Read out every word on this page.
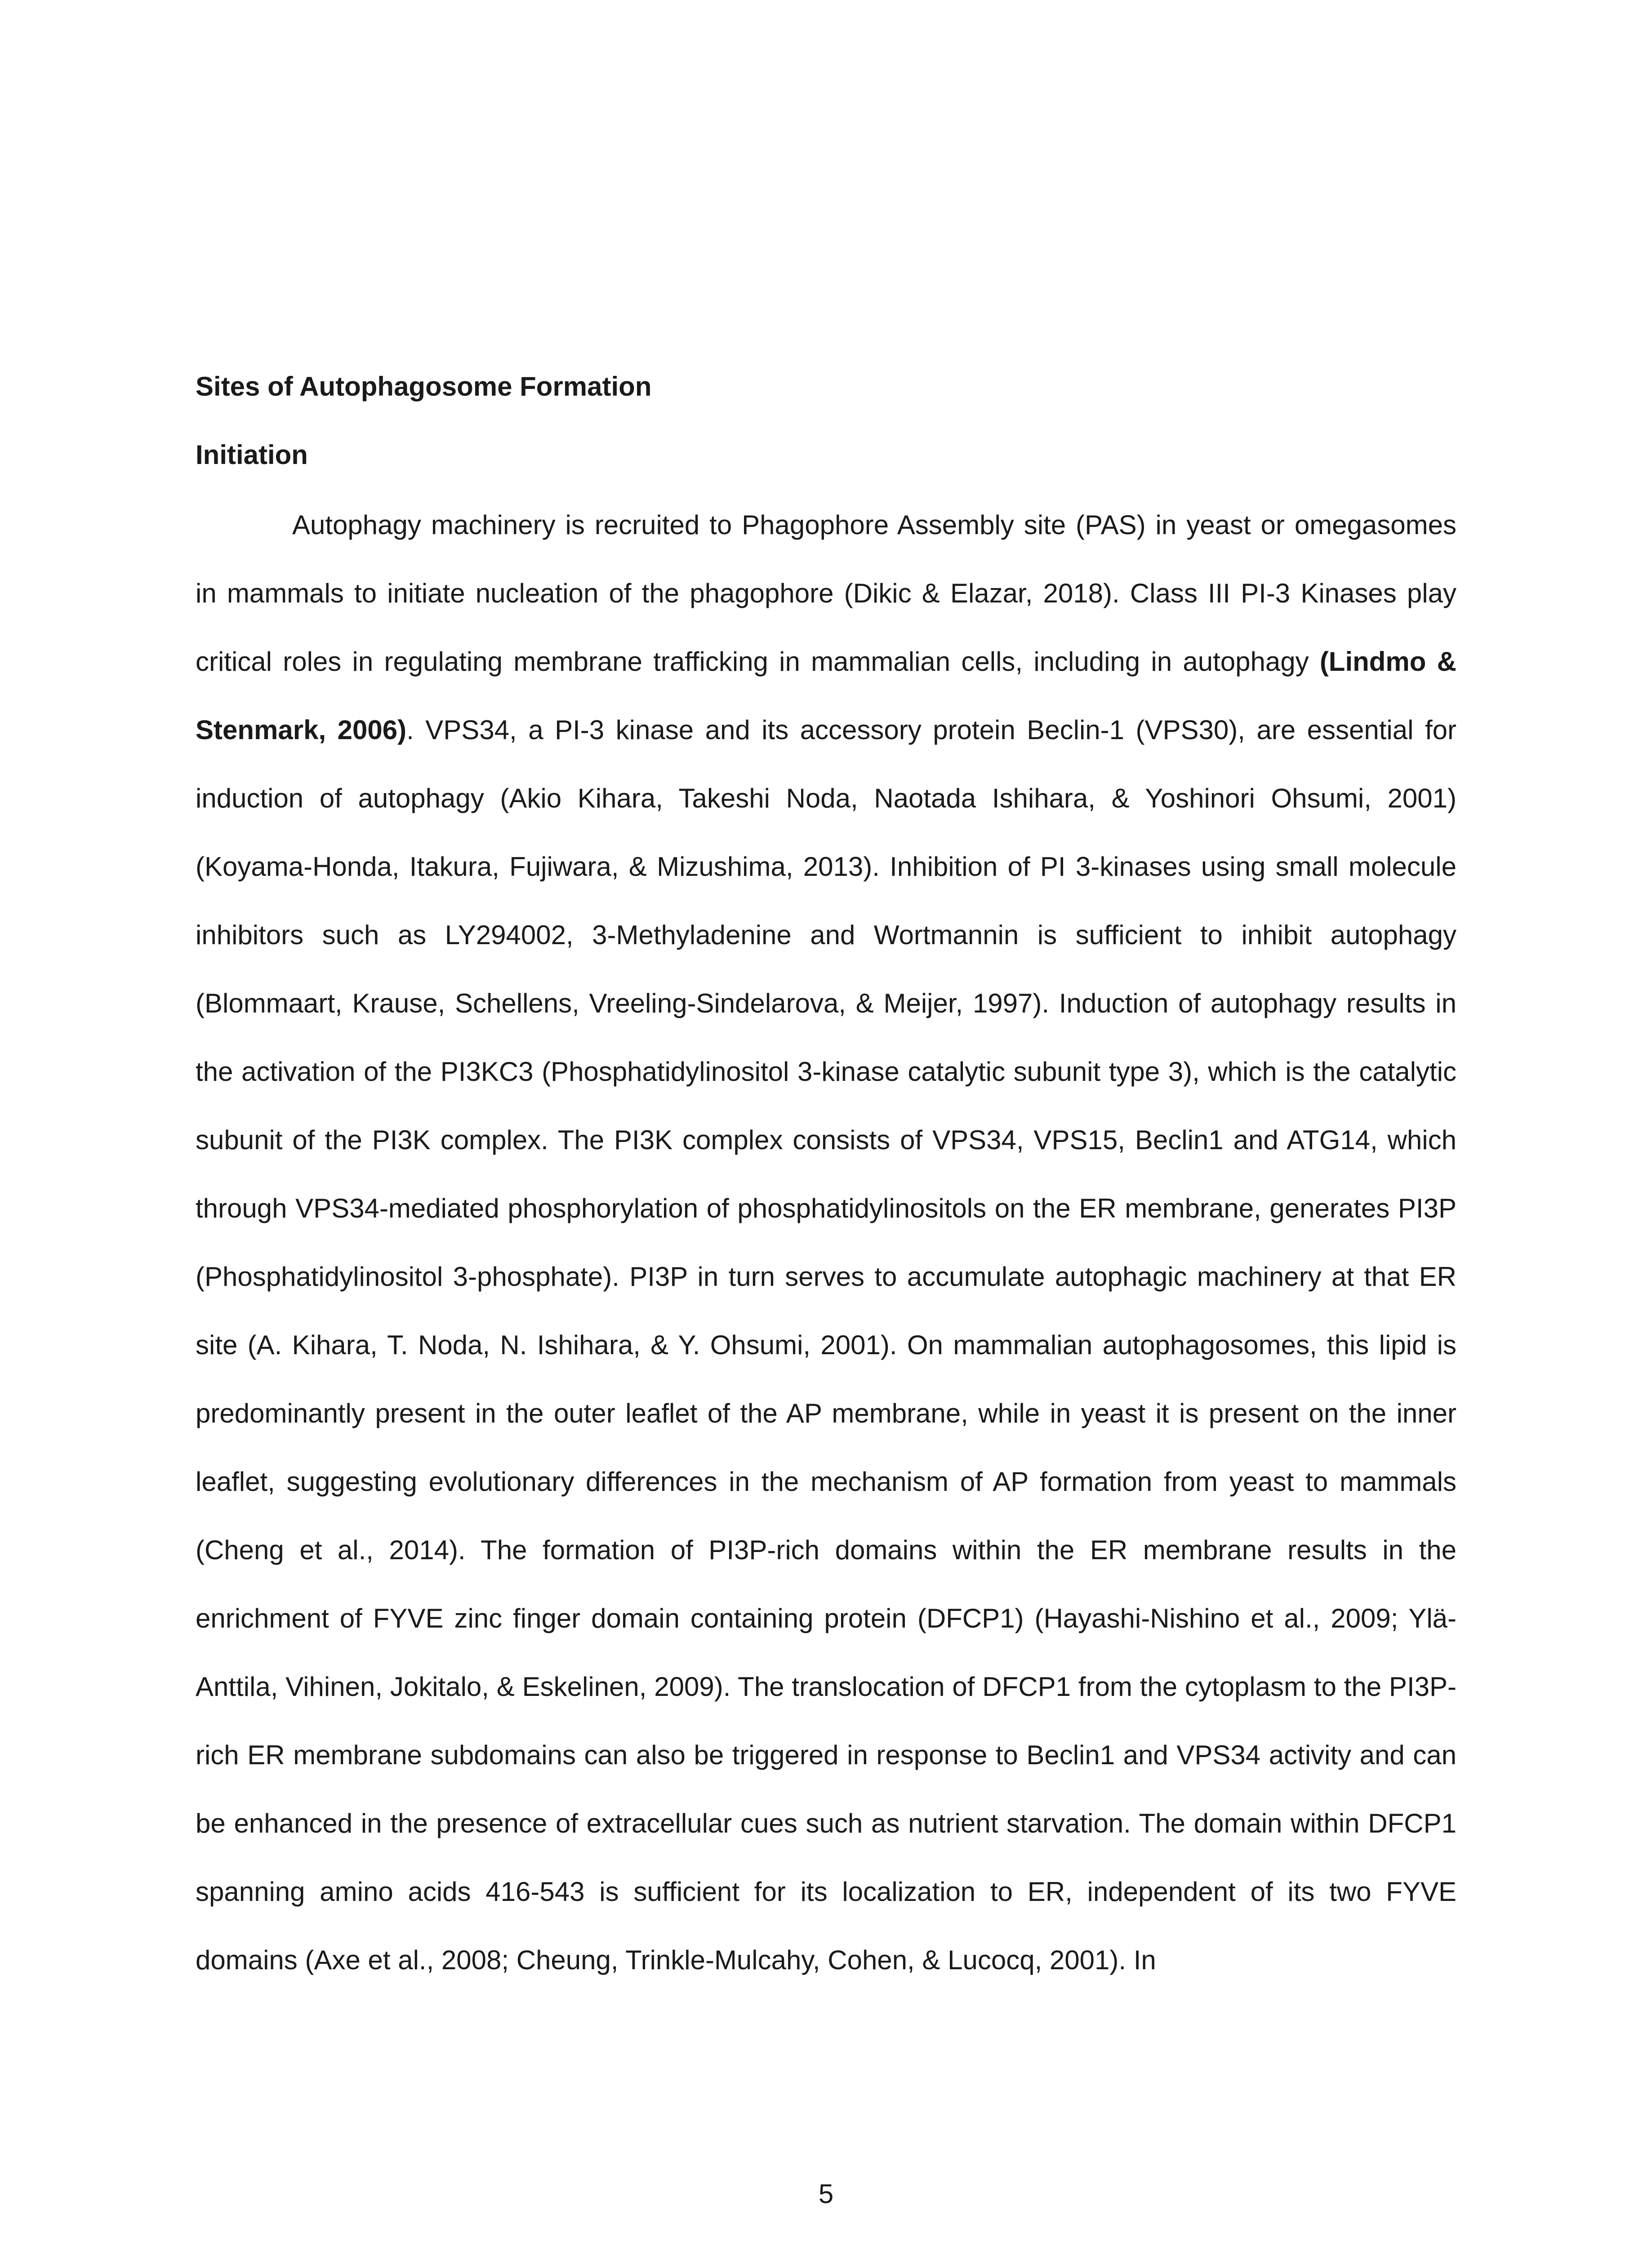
Sites of Autophagosome Formation
Initiation

Autophagy machinery is recruited to Phagophore Assembly site (PAS) in yeast or omegasomes in mammals to initiate nucleation of the phagophore (Dikic & Elazar, 2018). Class III PI-3 Kinases play critical roles in regulating membrane trafficking in mammalian cells, including in autophagy (Lindmo & Stenmark, 2006). VPS34, a PI-3 kinase and its accessory protein Beclin-1 (VPS30), are essential for induction of autophagy (Akio Kihara, Takeshi Noda, Naotada Ishihara, & Yoshinori Ohsumi, 2001) (Koyama-Honda, Itakura, Fujiwara, & Mizushima, 2013). Inhibition of PI 3-kinases using small molecule inhibitors such as LY294002, 3-Methyladenine and Wortmannin is sufficient to inhibit autophagy (Blommaart, Krause, Schellens, Vreeling-Sindelarova, & Meijer, 1997). Induction of autophagy results in the activation of the PI3KC3 (Phosphatidylinositol 3-kinase catalytic subunit type 3), which is the catalytic subunit of the PI3K complex. The PI3K complex consists of VPS34, VPS15, Beclin1 and ATG14, which through VPS34-mediated phosphorylation of phosphatidylinositols on the ER membrane, generates PI3P (Phosphatidylinositol 3-phosphate). PI3P in turn serves to accumulate autophagic machinery at that ER site (A. Kihara, T. Noda, N. Ishihara, & Y. Ohsumi, 2001). On mammalian autophagosomes, this lipid is predominantly present in the outer leaflet of the AP membrane, while in yeast it is present on the inner leaflet, suggesting evolutionary differences in the mechanism of AP formation from yeast to mammals (Cheng et al., 2014). The formation of PI3P-rich domains within the ER membrane results in the enrichment of FYVE zinc finger domain containing protein (DFCP1) (Hayashi-Nishino et al., 2009; Ylä-Anttila, Vihinen, Jokitalo, & Eskelinen, 2009). The translocation of DFCP1 from the cytoplasm to the PI3P-rich ER membrane subdomains can also be triggered in response to Beclin1 and VPS34 activity and can be enhanced in the presence of extracellular cues such as nutrient starvation. The domain within DFCP1 spanning amino acids 416-543 is sufficient for its localization to ER, independent of its two FYVE domains (Axe et al., 2008; Cheung, Trinkle-Mulcahy, Cohen, & Lucocq, 2001). In

5
